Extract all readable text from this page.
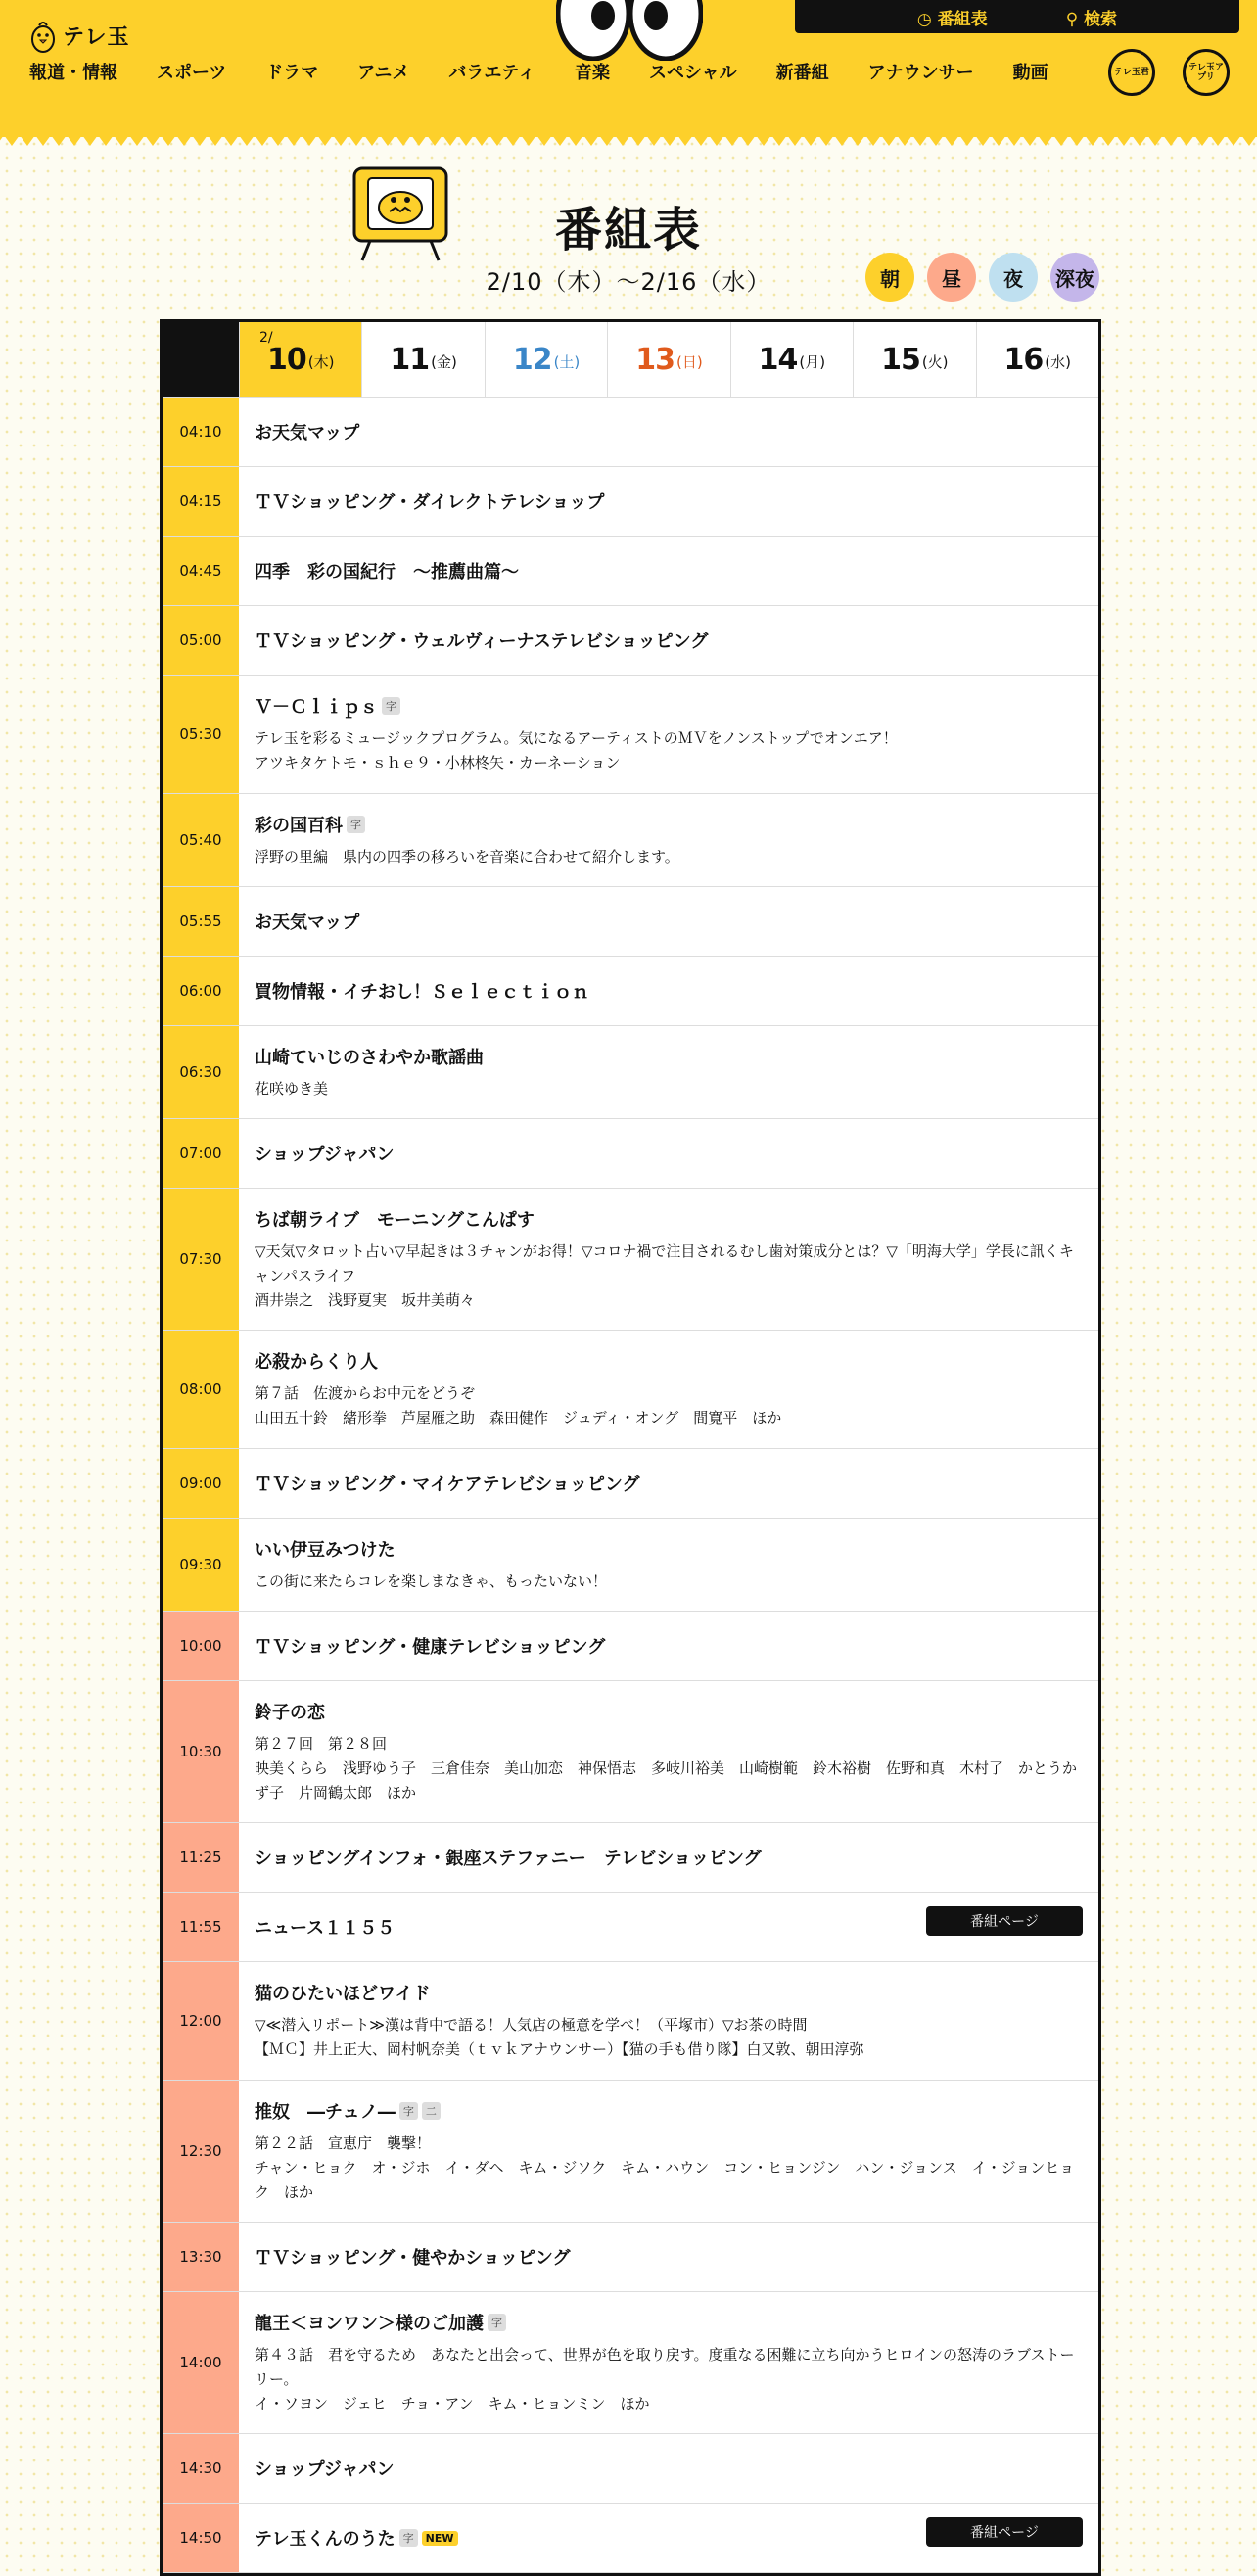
テレ玉
◷ 番組表	⚲ 検索
報道・情報 スポーツ ドラマ アニメ バラエティ 音楽 スペシャル 新番組 アナウンサー 動画	テレ玉君	テレ玉アプリ
番組表
2/10（木）〜2/16（水）	朝	昼	夜	深夜
2/
10 (木) 11 (金) 12 (土) 13 (日) 14 (月) 15 (火) 16 (水)
04:10	お天気マップ
04:15	ＴＶショッピング・ダイレクトテレショップ
04:45	四季　彩の国紀行　～推薦曲篇～
05:00	ＴＶショッピング・ウェルヴィーナステレビショッピング
05:30
Ｖ－Ｃｌｉｐｓ 字
テレ玉を彩るミュージックプログラム。気になるアーティストのＭＶをノンストップでオンエア！
アツキタケトモ・ｓｈｅ９・小林柊矢・カーネーション
05:40
彩の国百科 字
浮野の里編　県内の四季の移ろいを音楽に合わせて紹介します。
05:55	お天気マップ
06:00	買物情報・イチおし！Ｓｅｌｅｃｔｉｏｎ
06:30
山崎ていじのさわやか歌謡曲
花咲ゆき美
07:00	ショップジャパン
07:30
ちば朝ライブ　モーニングこんぱす
▽天気▽タロット占い▽早起きは３チャンがお得！▽コロナ禍で注目されるむし歯対策成分とは？▽「明海大学」学長に訊くキャンパスライフ
酒井崇之　浅野夏実　坂井美萌々
08:00
必殺からくり人
第７話　佐渡からお中元をどうぞ
山田五十鈴　緒形拳　芦屋雁之助　森田健作　ジュディ・オング　間寛平　ほか
09:00	ＴＶショッピング・マイケアテレビショッピング
09:30
いい伊豆みつけた
この街に来たらコレを楽しまなきゃ、もったいない！
10:00	ＴＶショッピング・健康テレビショッピング
10:30
鈴子の恋
第２７回　第２８回
映美くらら　浅野ゆう子　三倉佳奈　美山加恋　神保悟志　多岐川裕美　山崎樹範　鈴木裕樹　佐野和真　木村了　かとうかず子　片岡鶴太郎　ほか
11:25	ショッピングインフォ・銀座ステファニー　テレビショッピング
11:55	ニュース１１５５	番組ページ
12:00
猫のひたいほどワイド
▽≪潜入リポート≫漢は背中で語る！人気店の極意を学べ！（平塚市）▽お茶の時間
【ＭＣ】井上正大、岡村帆奈美（ｔｖｋアナウンサー）【猫の手も借り隊】白又敦、朝田淳弥
12:30
推奴　―チュノ― 字	二
第２２話　宣恵庁　襲撃！
チャン・ヒョク　オ・ジホ　イ・ダヘ　キム・ジソク　キム・ハウン　コン・ヒョンジン　ハン・ジョンス　イ・ジョンヒョク　ほか
13:30	ＴＶショッピング・健やかショッピング
14:00
龍王＜ヨンワン＞様のご加護 字
第４３話　君を守るため　あなたと出会って、世界が色を取り戻す。度重なる困難に立ち向かうヒロインの怒涛のラブストーリー。
イ・ソヨン　ジェヒ　チョ・アン　キム・ヒョンミン　ほか
14:30	ショップジャパン
14:50	テレ玉くんのうた 字	NEW	番組ページ
